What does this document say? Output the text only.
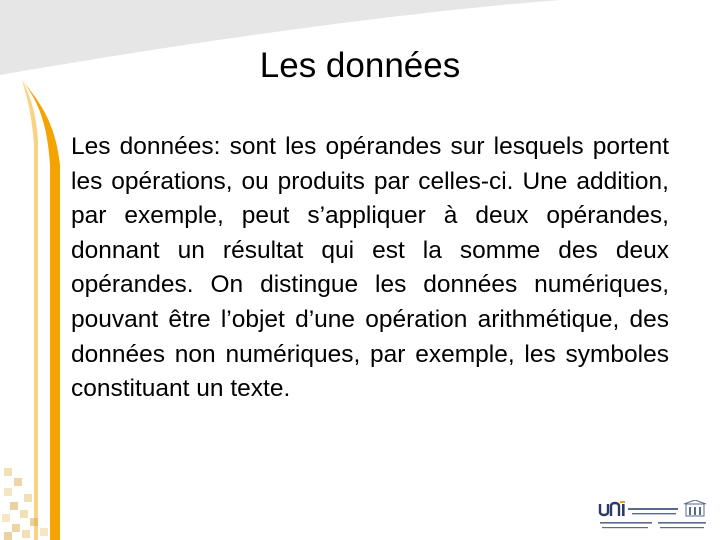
Les données

Les données: sont les opérandes sur lesquels portent les opérations, ou produits par celles-ci. Une addition, par exemple, peut s’appliquer à deux opérandes, donnant un résultat qui est la somme des deux opérandes. On distingue les données numériques, pouvant être l’objet d’une opération arithmétique, des données non numériques, par exemple, les symboles constituant un texte.
